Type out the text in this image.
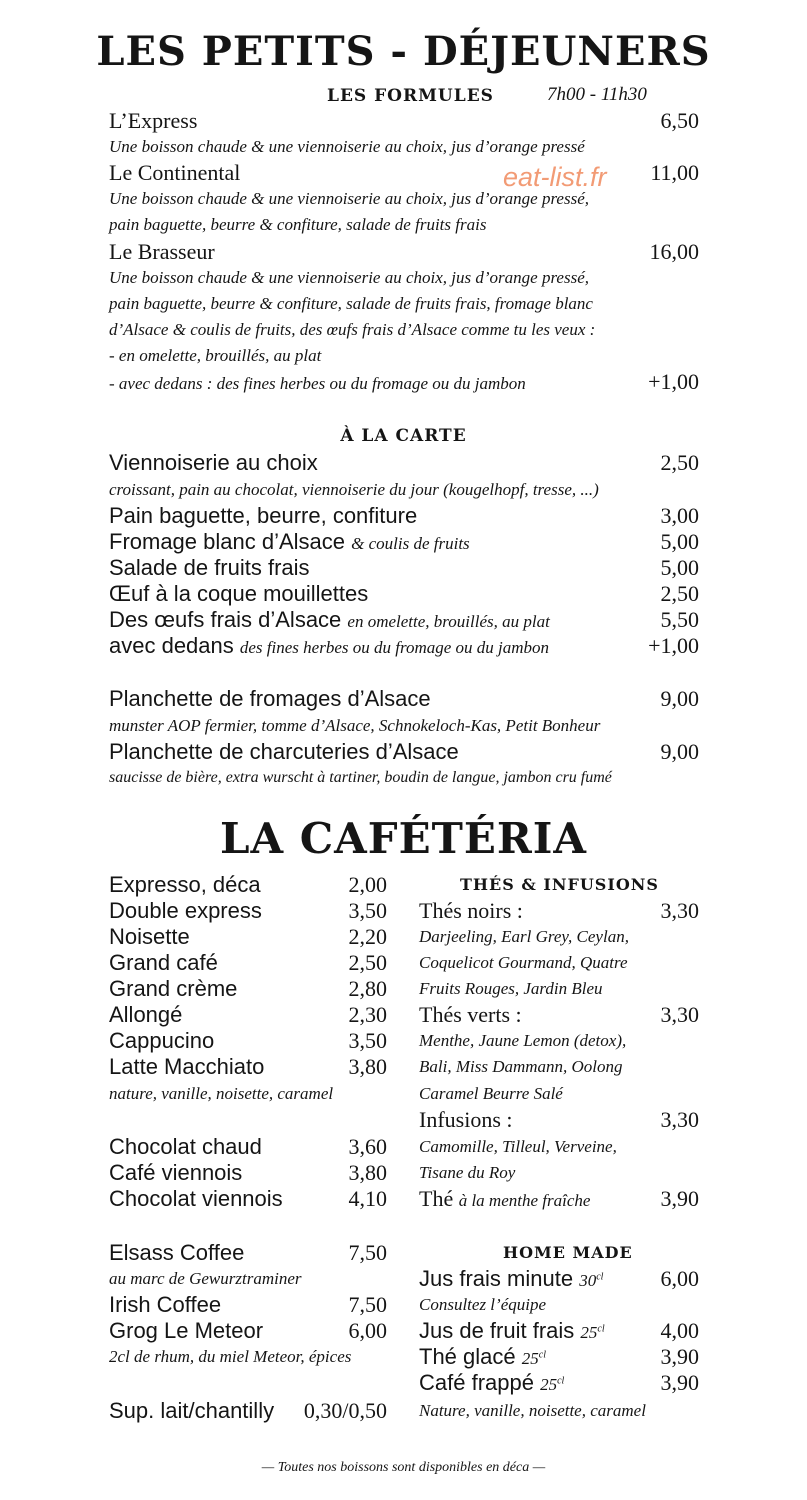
LES PETITS - DÉJEUNERS
LES FORMULES	7h00 - 11h30
L’Express	6,50
Une boisson chaude & une viennoiserie au choix, jus d’orange pressé
Le Continental	11,00
Une boisson chaude & une viennoiserie au choix, jus d’orange pressé,
pain baguette, beurre & confiture, salade de fruits frais
Le Brasseur	16,00
Une boisson chaude & une viennoiserie au choix, jus d’orange pressé,
pain baguette, beurre & confiture, salade de fruits frais, fromage blanc
d’Alsace & coulis de fruits, des œufs frais d’Alsace comme tu les veux :
- en omelette, brouillés, au plat
- avec dedans : des fines herbes ou du fromage ou du jambon	+1,00
À LA CARTE
Viennoiserie au choix	2,50
croissant, pain au chocolat, viennoiserie du jour (kougelhopf, tresse, ...)
Pain baguette, beurre, confiture	3,00
Fromage blanc d’Alsace & coulis de fruits	5,00
Salade de fruits frais	5,00
Œuf à la coque mouillettes	2,50
Des œufs frais d’Alsace en omelette, brouillés, au plat	5,50
avec dedans des fines herbes ou du fromage ou du jambon	+1,00
Planchette de fromages d’Alsace	9,00
munster AOP fermier, tomme d’Alsace, Schnokeloch-Kas, Petit Bonheur
Planchette de charcuteries d’Alsace	9,00
saucisse de bière, extra wurscht à tartiner, boudin de langue, jambon cru fumé
LA CAFÉTÉRIA
Expresso, déca	2,00
Double express	3,50
Noisette	2,20
Grand café	2,50
Grand crème	2,80
Allongé	2,30
Cappucino	3,50
Latte Macchiato	3,80
nature, vanille, noisette, caramel
Chocolat chaud	3,60
Café viennois	3,80
Chocolat viennois	4,10
Elsass Coffee	7,50
au marc de Gewurztraminer
Irish Coffee	7,50
Grog Le Meteor	6,00
2cl de rhum, du miel Meteor, épices
Sup. lait/chantilly 0,30/0,50
THÉS & INFUSIONS
Thés noirs :	3,30
Darjeeling, Earl Grey, Ceylan,
Coquelicot Gourmand, Quatre
Fruits Rouges, Jardin Bleu
Thés verts :	3,30
Menthe, Jaune Lemon (detox),
Bali, Miss Dammann, Oolong
Caramel Beurre Salé
Infusions :	3,30
Camomille, Tilleul, Verveine,
Tisane du Roy
Thé à la menthe fraîche	3,90
HOME MADE
Jus frais minute $30^{cl}$	6,00
Consultez l’équipe
Jus de fruit frais $25^{cl}$	4,00
Thé glacé $25^{cl}$	3,90
Café frappé $25^{cl}$	3,90
Nature, vanille, noisette, caramel
eat-list.fr
— Toutes nos boissons sont disponibles en déca —
